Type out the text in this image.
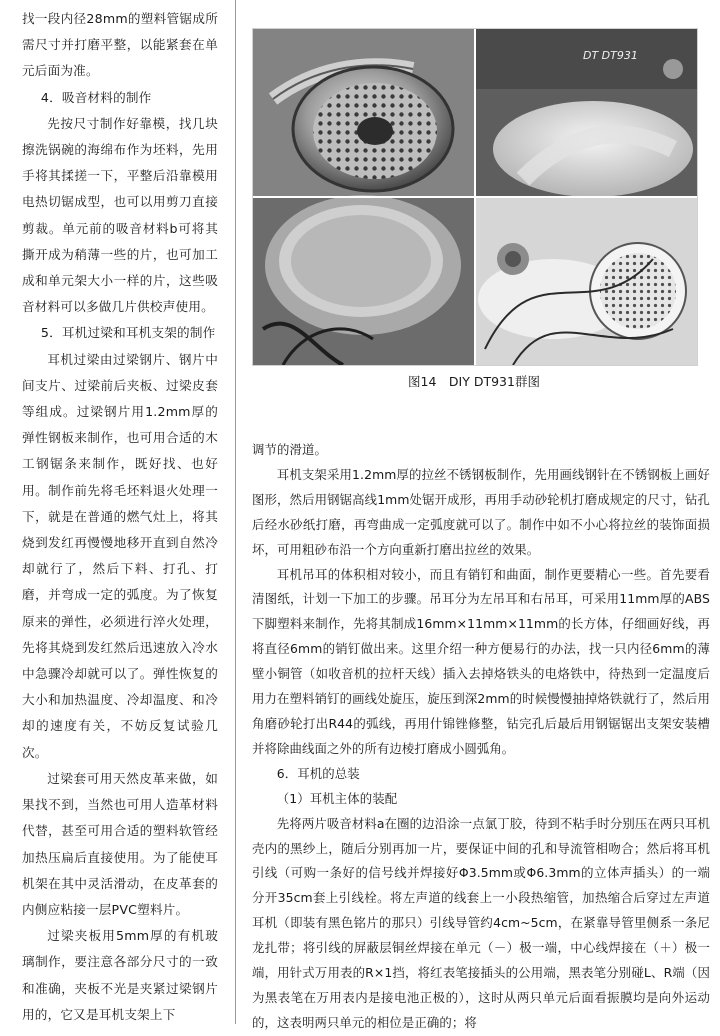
找一段内径28mm的塑料管锯成所需尺寸并打磨平整，以能紧套在单元后面为准。

4．吸音材料的制作

先按尺寸制作好靠模，找几块擦洗锅碗的海绵布作为坯料，先用手将其揉搓一下，平整后沿靠模用电热切锯成型，也可以用剪刀直接剪裁。单元前的吸音材料b可将其撕开成为稍薄一些的片，也可加工成和单元架大小一样的片，这些吸音材料可以多做几片供校声使用。

5．耳机过梁和耳机支架的制作

耳机过梁由过梁钢片、钢片中间支片、过梁前后夹板、过梁皮套等组成。过梁钢片用1.2mm厚的弹性钢板来制作，也可用合适的木工钢锯条来制作，既好找、也好用。制作前先将毛坯料退火处理一下，就是在普通的燃气灶上，将其烧到发红再慢慢地移开直到自然冷却就行了，然后下料、打孔、打磨，并弯成一定的弧度。为了恢复原来的弹性，必须进行淬火处理，先将其烧到发红然后迅速放入冷水中急骤冷却就可以了。弹性恢复的大小和加热温度、冷却温度、和冷却的速度有关，不妨反复试验几次。

过梁套可用天然皮革来做，如果找不到，当然也可用人造革材料代替，甚至可用合适的塑料软管经加热压扁后直接使用。为了能使耳机架在其中灵活滑动，在皮革套的内侧应粘接一层PVC塑料片。

过梁夹板用5mm厚的有机玻璃制作，要注意各部分尺寸的一致和准确，夹板不光是夹紧过梁钢片用的，它又是耳机支架上下

DT DT931
图14　DIY DT931群图

调节的滑道。

耳机支架采用1.2mm厚的拉丝不锈钢板制作，先用画线钢针在不锈钢板上画好图形，然后用钢锯高线1mm处锯开成形，再用手动砂轮机打磨成规定的尺寸，钻孔后经水砂纸打磨，再弯曲成一定弧度就可以了。制作中如不小心将拉丝的装饰面损坏，可用粗砂布沿一个方向重新打磨出拉丝的效果。

耳机吊耳的体积相对较小，而且有销钉和曲面，制作更要精心一些。首先要看清图纸，计划一下加工的步骤。吊耳分为左吊耳和右吊耳，可采用11mm厚的ABS下脚塑料来制作，先将其制成16mm×11mm×11mm的长方体，仔细画好线，再将直径6mm的销钉做出来。这里介绍一种方便易行的办法，找一只内径6mm的薄壁小铜管（如收音机的拉杆天线）插入去掉烙铁头的电烙铁中，待热到一定温度后用力在塑料销钉的画线处旋压，旋压到深2mm的时候慢慢抽掉烙铁就行了，然后用角磨砂轮打出R44的弧线，再用什锦锉修整，钻完孔后最后用钢锯锯出支架安装槽并将除曲线面之外的所有边棱打磨成小圆弧角。

6．耳机的总装

（1）耳机主体的装配

先将两片吸音材料a在圈的边沿涂一点氯丁胶，待到不粘手时分别压在两只耳机壳内的黑纱上，随后分别再加一片，要保证中间的孔和导流管相吻合；然后将耳机引线（可购一条好的信号线并焊接好Φ3.5mm或Φ6.3mm的立体声插头）的一端分开35cm套上引线栓。将左声道的线套上一小段热缩管，加热缩合后穿过左声道耳机（即装有黑色铭片的那只）引线导管约4cm~5cm，在紧靠导管里侧系一条尼龙扎带；将引线的屏蔽层铜丝焊接在单元（－）极一端，中心线焊接在（＋）极一端，用针式万用表的R×1挡，将红表笔接插头的公用端，黑表笔分别碰L、R端（因为黑表笔在万用表内是接电池正极的），这时从两只单元后面看振膜均是向外运动的，这表明两只单元的相位是正确的；将
